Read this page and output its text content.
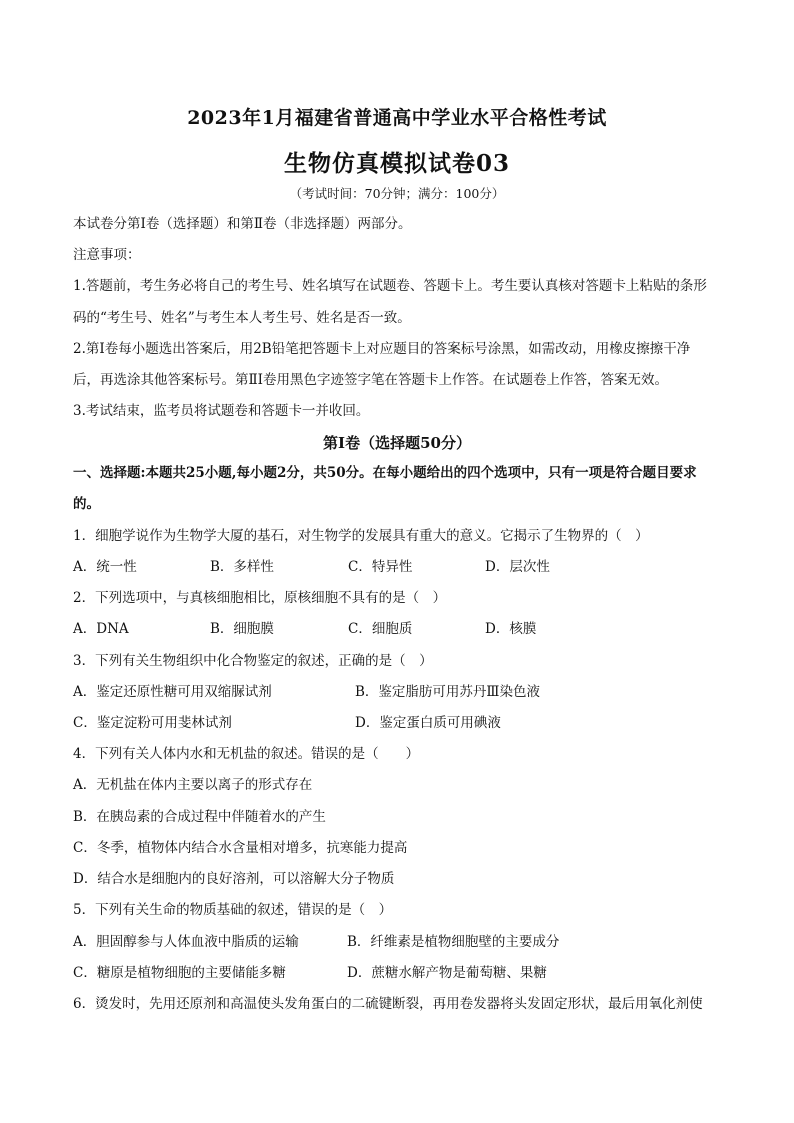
2023年1月福建省普通高中学业水平合格性考试
生物仿真模拟试卷03
（考试时间：70分钟；满分：100分）
本试卷分第Ⅰ卷（选择题）和第Ⅱ卷（非选择题）两部分。
注意事项：
1.答题前，考生务必将自己的考生号、姓名填写在试题卷、答题卡上。考生要认真核对答题卡上粘贴的条形
码的“考生号、姓名”与考生本人考生号、姓名是否一致。
2.第Ⅰ卷每小题选出答案后，用2B铅笔把答题卡上对应题目的答案标号涂黑，如需改动，用橡皮擦擦干净
后，再选涂其他答案标号。第ⅡⅠ卷用黑色字迹签字笔在答题卡上作答。在试题卷上作答，答案无效。
3.考试结束，监考员将试题卷和答题卡一并收回。
第Ⅰ卷（选择题50分）
一、选择题:本题共25小题,每小题2分，共50分。在每小题给出的四个选项中，只有一项是符合题目要求
的。
1．细胞学说作为生物学大厦的基石，对生物学的发展具有重大的意义。它揭示了生物界的（　）
A．统一性	B．多样性	C．特异性	D．层次性
2．下列选项中，与真核细胞相比，原核细胞不具有的是（　）
A．DNA	B．细胞膜	C．细胞质	D．核膜
3．下列有关生物组织中化合物鉴定的叙述，正确的是（　）
A．鉴定还原性糖可用双缩脲试剂	B．鉴定脂肪可用苏丹Ⅲ染色液
C．鉴定淀粉可用斐林试剂	D．鉴定蛋白质可用碘液
4．下列有关人体内水和无机盐的叙述。错误的是（　　）
A．无机盐在体内主要以离子的形式存在
B．在胰岛素的合成过程中伴随着水的产生
C．冬季，植物体内结合水含量相对增多，抗寒能力提高
D．结合水是细胞内的良好溶剂，可以溶解大分子物质
5．下列有关生命的物质基础的叙述，错误的是（　）
A．胆固醇参与人体血液中脂质的运输	B．纤维素是植物细胞壁的主要成分
C．糖原是植物细胞的主要储能多糖	D．蔗糖水解产物是葡萄糖、果糖
6．烫发时，先用还原剂和高温使头发角蛋白的二硫键断裂，再用卷发器将头发固定形状，最后用氧化剂使
